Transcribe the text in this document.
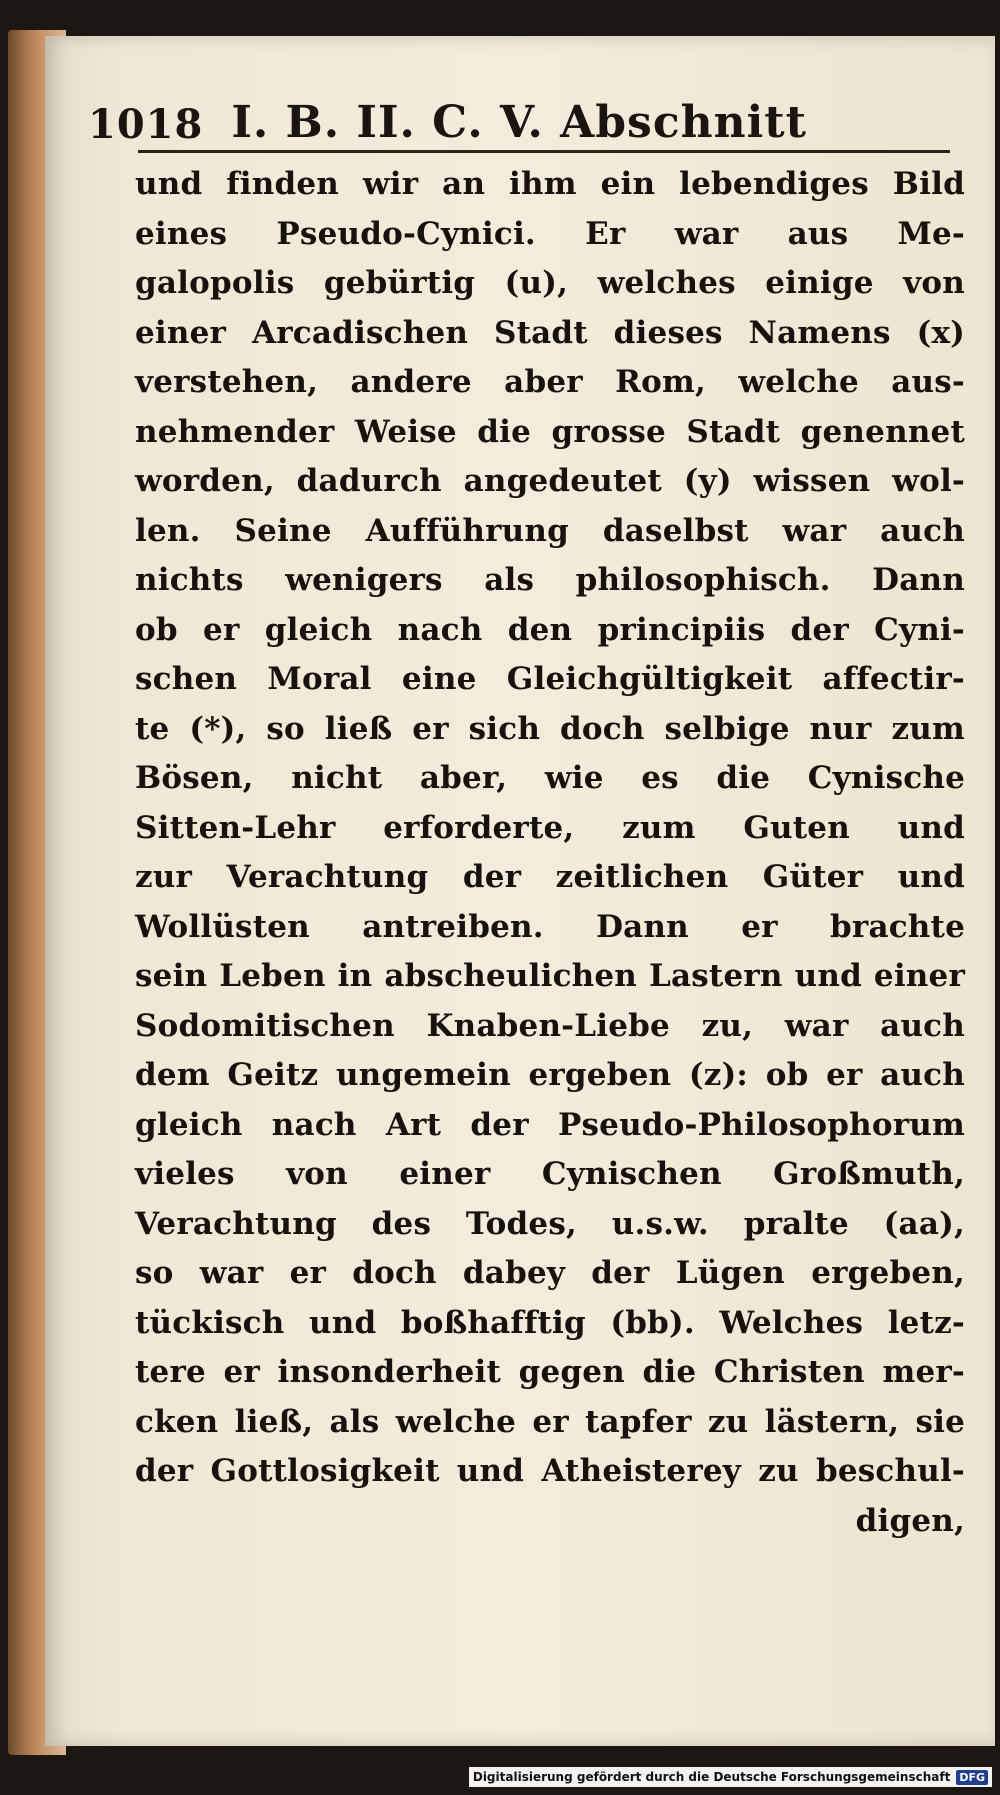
1018 I. B. II. C. V. Abschnitt
und finden wir an ihm ein lebendiges Bild
eines Pseudo-Cynici. Er war aus Me-
galopolis gebürtig (u), welches einige von
einer Arcadischen Stadt dieses Namens (x)
verstehen, andere aber Rom, welche aus-
nehmender Weise die grosse Stadt genennet
worden, dadurch angedeutet (y) wissen wol-
len. Seine Aufführung daselbst war auch
nichts wenigers als philosophisch. Dann
ob er gleich nach den principiis der Cyni-
schen Moral eine Gleichgültigkeit affectir-
te (*), so ließ er sich doch selbige nur zum
Bösen, nicht aber, wie es die Cynische
Sitten-Lehr erforderte, zum Guten und
zur Verachtung der zeitlichen Güter und
Wollüsten antreiben. Dann er brachte
sein Leben in abscheulichen Lastern und einer
Sodomitischen Knaben-Liebe zu, war auch
dem Geitz ungemein ergeben (z): ob er auch
gleich nach Art der Pseudo-Philosophorum
vieles von einer Cynischen Großmuth,
Verachtung des Todes, u.s.w. pralte (aa),
so war er doch dabey der Lügen ergeben,
tückisch und boßhafftig (bb). Welches letz-
tere er insonderheit gegen die Christen mer-
cken ließ, als welche er tapfer zu lästern, sie
der Gottlosigkeit und Atheisterey zu beschul-
digen,
Digitalisierung gefördert durch die Deutsche Forschungsgemeinschaft DFG
